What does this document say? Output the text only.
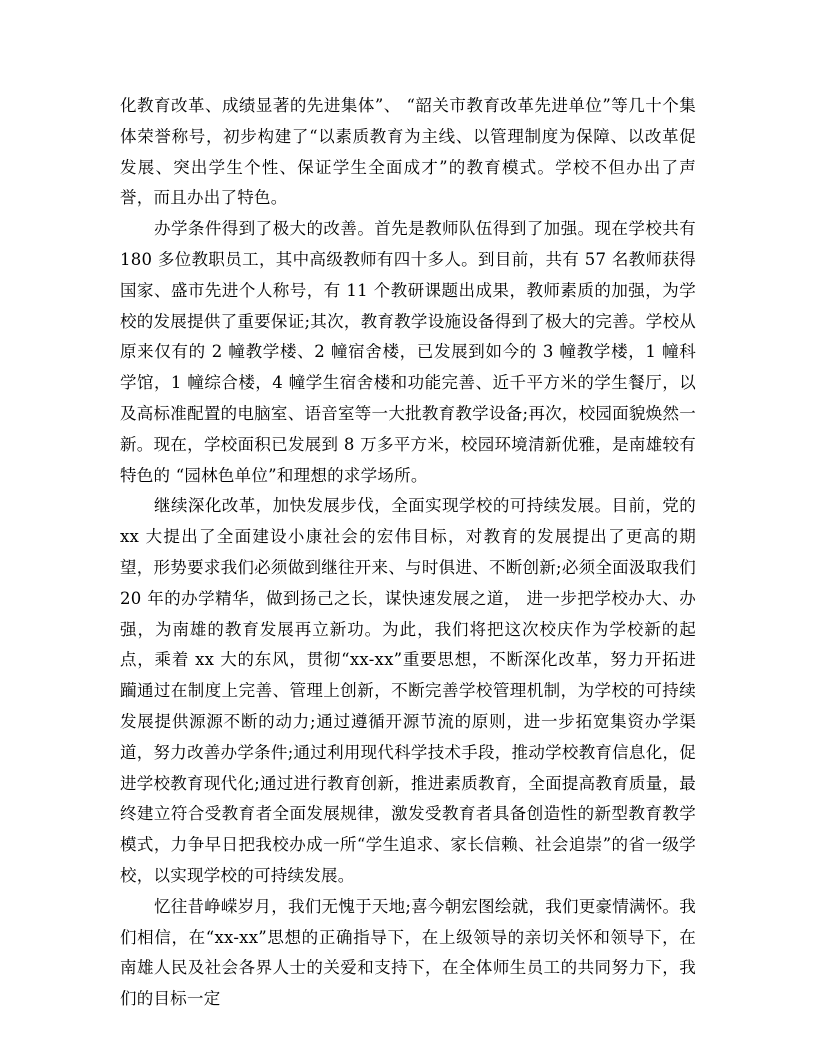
化教育改革、成绩显著的先进集体”、 “韶关市教育改革先进单位”等几十个集体荣誉称号，初步构建了“以素质教育为主线、以管理制度为保障、以改革促发展、突出学生个性、保证学生全面成才”的教育模式。学校不但办出了声誉，而且办出了特色。

办学条件得到了极大的改善。首先是教师队伍得到了加强。现在学校共有 180 多位教职员工，其中高级教师有四十多人。到目前，共有 57 名教师获得国家、盛市先进个人称号，有 11 个教研课题出成果，教师素质的加强，为学校的发展提供了重要保证;其次，教育教学设施设备得到了极大的完善。学校从原来仅有的 2 幢教学楼、2 幢宿舍楼，已发展到如今的 3 幢教学楼，1 幢科学馆，1 幢综合楼，4 幢学生宿舍楼和功能完善、近千平方米的学生餐厅，以及高标准配置的电脑室、语音室等一大批教育教学设备;再次，校园面貌焕然一新。现在，学校面积已发展到 8 万多平方米，校园环境清新优雅，是南雄较有特色的 “园林色单位”和理想的求学场所。

继续深化改革，加快发展步伐，全面实现学校的可持续发展。目前，党的 xx 大提出了全面建设小康社会的宏伟目标，对教育的发展提出了更高的期望，形势要求我们必须做到继往开来、与时俱进、不断创新;必须全面汲取我们 20 年的办学精华，做到扬己之长，谋快速发展之道， 进一步把学校办大、办强，为南雄的教育发展再立新功。为此，我们将把这次校庆作为学校新的起点，乘着 xx 大的东风，贯彻“xx-xx”重要思想，不断深化改革，努力开拓进躏通过在制度上完善、管理上创新，不断完善学校管理机制，为学校的可持续发展提供源源不断的动力;通过遵循开源节流的原则，进一步拓宽集资办学渠道，努力改善办学条件;通过利用现代科学技术手段，推动学校教育信息化，促进学校教育现代化;通过进行教育创新，推进素质教育，全面提高教育质量，最终建立符合受教育者全面发展规律，激发受教育者具备创造性的新型教育教学模式，力争早日把我校办成一所“学生追求、家长信赖、社会追崇”的省一级学校，以实现学校的可持续发展。

忆往昔峥嵘岁月，我们无愧于天地;喜今朝宏图绘就，我们更豪情满怀。我们相信，在“xx-xx”思想的正确指导下，在上级领导的亲切关怀和领导下，在南雄人民及社会各界人士的关爱和支持下，在全体师生员工的共同努力下，我们的目标一定
